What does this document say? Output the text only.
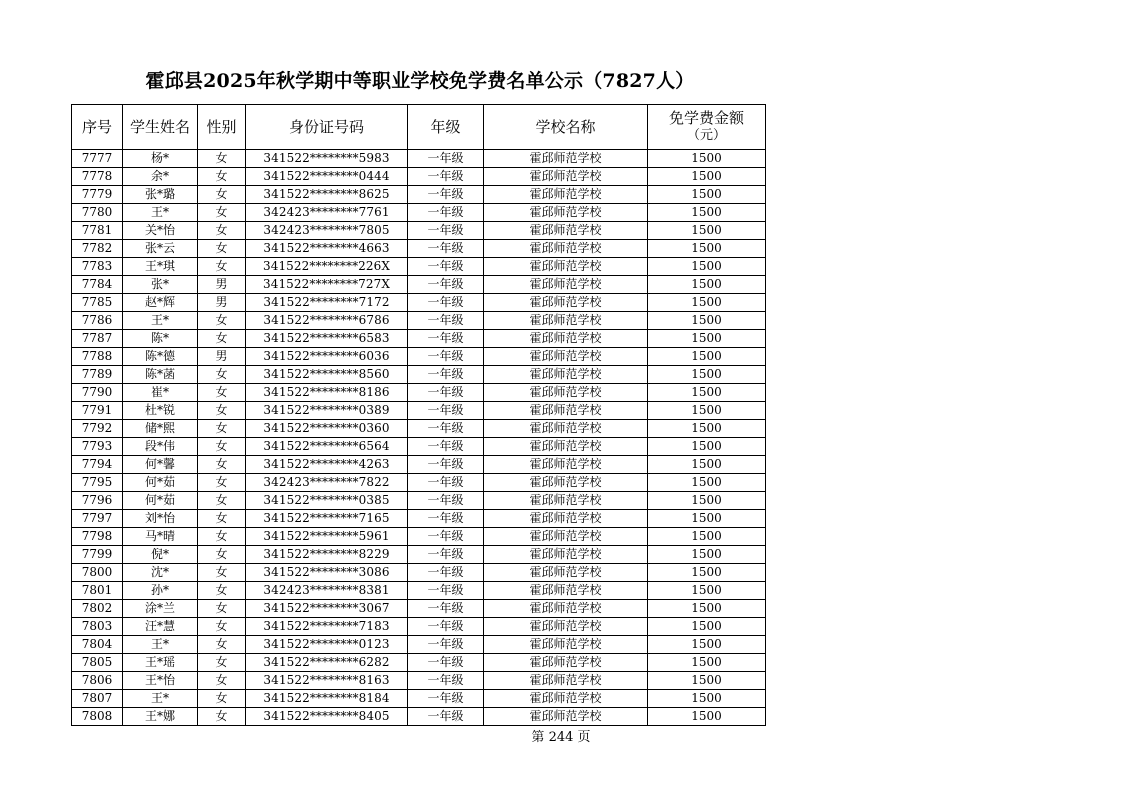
霍邱县2025年秋学期中等职业学校免学费名单公示（7827人）
序号	学生姓名	性别	身份证号码	年级	学校名称	免学费金额
（元）

7777	杨*	女	341522********5983	一年级	霍邱师范学校	1500
7778	余*	女	341522********0444	一年级	霍邱师范学校	1500
7779	张*璐	女	341522********8625	一年级	霍邱师范学校	1500
7780	王*	女	342423********7761	一年级	霍邱师范学校	1500
7781	关*怡	女	342423********7805	一年级	霍邱师范学校	1500
7782	张*云	女	341522********4663	一年级	霍邱师范学校	1500
7783	王*琪	女	341522********226X	一年级	霍邱师范学校	1500
7784	张*	男	341522********727X	一年级	霍邱师范学校	1500
7785	赵*辉	男	341522********7172	一年级	霍邱师范学校	1500
7786	王*	女	341522********6786	一年级	霍邱师范学校	1500
7787	陈*	女	341522********6583	一年级	霍邱师范学校	1500
7788	陈*德	男	341522********6036	一年级	霍邱师范学校	1500
7789	陈*菡	女	341522********8560	一年级	霍邱师范学校	1500
7790	崔*	女	341522********8186	一年级	霍邱师范学校	1500
7791	杜*锐	女	341522********0389	一年级	霍邱师范学校	1500
7792	储*熙	女	341522********0360	一年级	霍邱师范学校	1500
7793	段*伟	女	341522********6564	一年级	霍邱师范学校	1500
7794	何*馨	女	341522********4263	一年级	霍邱师范学校	1500
7795	何*茹	女	342423********7822	一年级	霍邱师范学校	1500
7796	何*茹	女	341522********0385	一年级	霍邱师范学校	1500
7797	刘*怡	女	341522********7165	一年级	霍邱师范学校	1500
7798	马*晴	女	341522********5961	一年级	霍邱师范学校	1500
7799	倪*	女	341522********8229	一年级	霍邱师范学校	1500
7800	沈*	女	341522********3086	一年级	霍邱师范学校	1500
7801	孙*	女	342423********8381	一年级	霍邱师范学校	1500
7802	涂*兰	女	341522********3067	一年级	霍邱师范学校	1500
7803	汪*慧	女	341522********7183	一年级	霍邱师范学校	1500
7804	王*	女	341522********0123	一年级	霍邱师范学校	1500
7805	王*瑶	女	341522********6282	一年级	霍邱师范学校	1500
7806	王*怡	女	341522********8163	一年级	霍邱师范学校	1500
7807	王*	女	341522********8184	一年级	霍邱师范学校	1500
7808	王*娜	女	341522********8405	一年级	霍邱师范学校	1500
第 244 页
